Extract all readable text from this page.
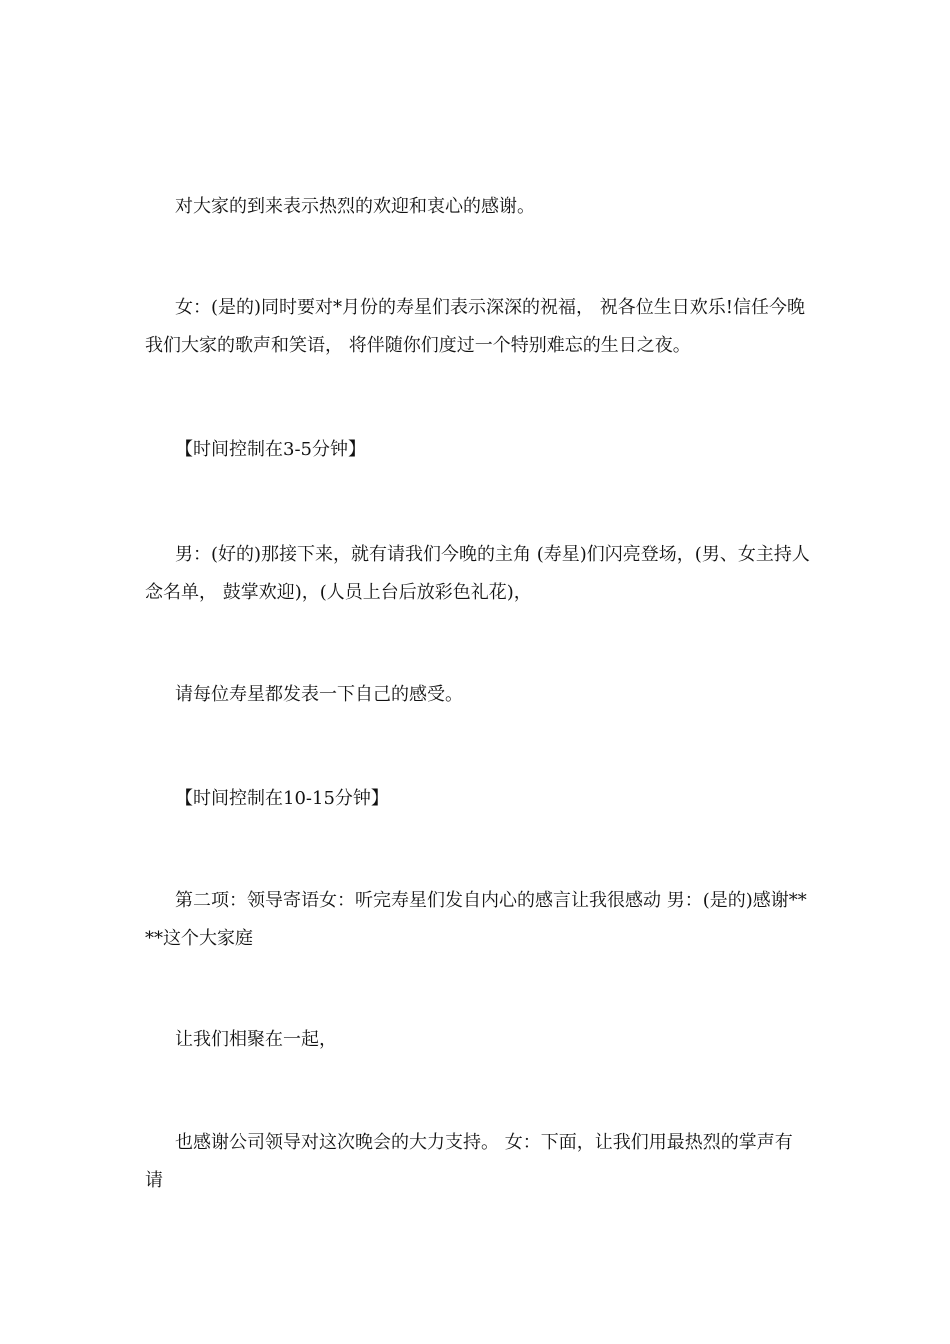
对大家的到来表示热烈的欢迎和衷心的感谢。

女：(是的)同时要对*月份的寿星们表示深深的祝福， 祝各位生日欢乐!信任今晚我们大家的歌声和笑语， 将伴随你们度过一个特别难忘的生日之夜。

【时间控制在3-5分钟】

男：(好的)那接下来，就有请我们今晚的主角 (寿星)们闪亮登场，(男、女主持人念名单， 鼓掌欢迎)，(人员上台后放彩色礼花)，

请每位寿星都发表一下自己的感受。

【时间控制在10-15分钟】

第二项：领导寄语女：听完寿星们发自内心的感言让我很感动 男：(是的)感谢****这个大家庭

让我们相聚在一起，

也感谢公司领导对这次晚会的大力支持。 女：下面，让我们用最热烈的掌声有请
